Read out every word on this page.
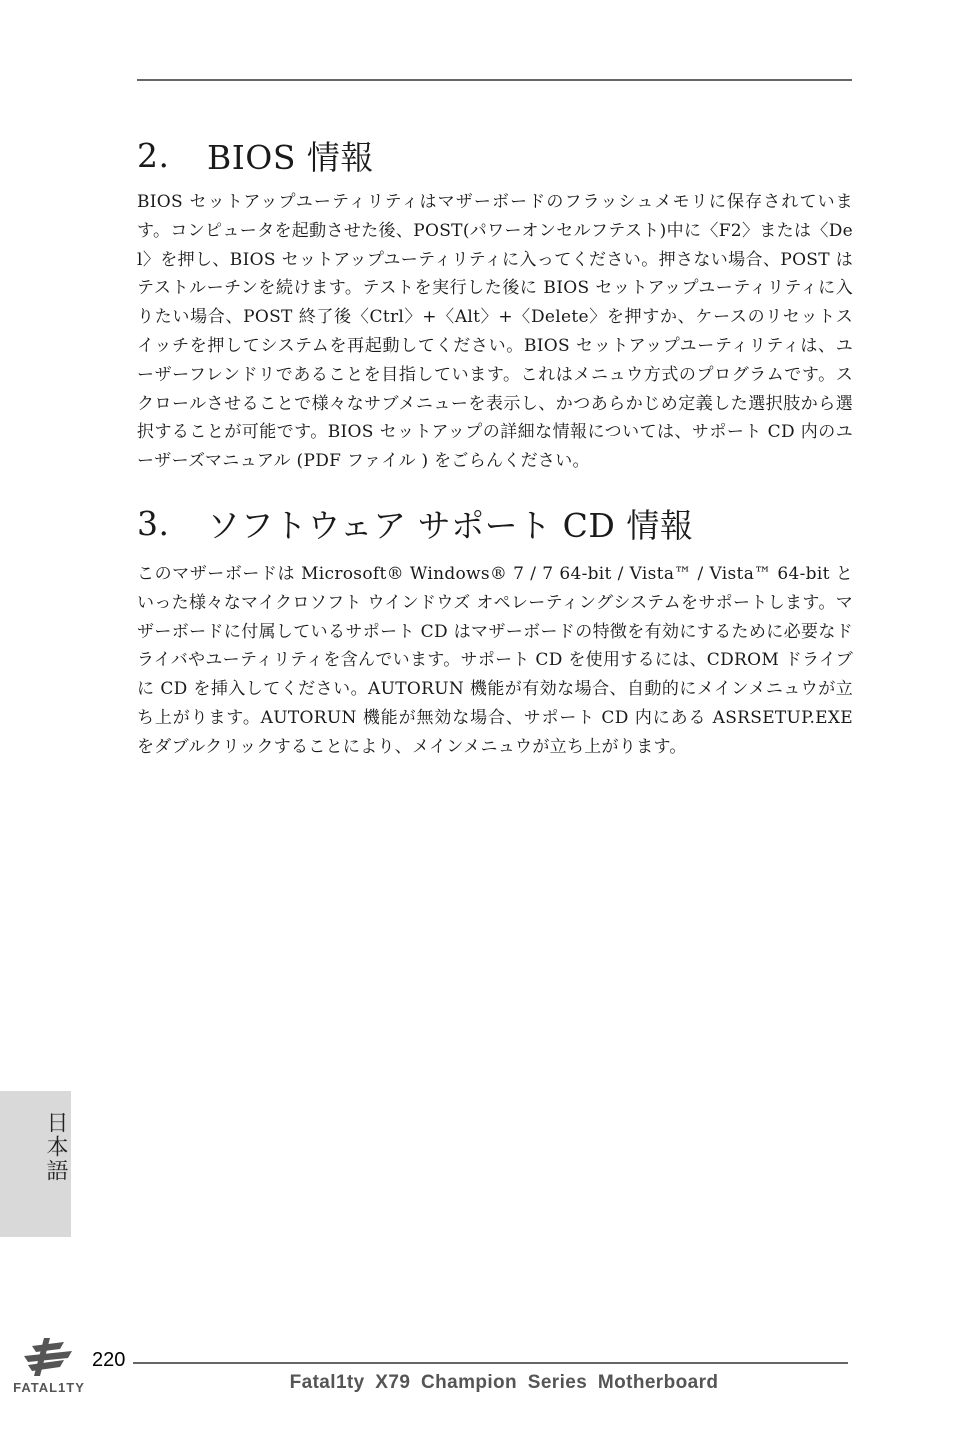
2.	BIOS 情報

BIOS セットアップユーティリティはマザーボードのフラッシュメモリに保存されています。コンピュータを起動させた後、POST(パワーオンセルフテスト)中に〈F2〉または〈Del〉を押し、BIOS セットアップユーティリティに入ってください。押さない場合、POST はテストルーチンを続けます。テストを実行した後に BIOS セットアップユーティリティに入りたい場合、POST 終了後〈Ctrl〉+〈Alt〉+〈Delete〉を押すか、ケースのリセットスイッチを押してシステムを再起動してください。BIOS セットアップユーティリティは、ユーザーフレンドリであることを目指しています。これはメニュウ方式のプログラムです。スクロールさせることで様々なサブメニューを表示し、かつあらかじめ定義した選択肢から選択することが可能です。BIOS セットアップの詳細な情報については、サポート CD 内のユーザーズマニュアル (PDF ファイル ) をごらんください。

3.	ソフトウェア サポート CD 情報

このマザーボードは Microsoft® Windows® 7 / 7 64-bit / Vista™ / Vista™ 64-bit といった様々なマイクロソフト ウインドウズ オペレーティングシステムをサポートします。マザーボードに付属しているサポート CD はマザーボードの特徴を有効にするために必要なドライバやユーティリティを含んでいます。サポート CD を使用するには、CDROM ドライブに CD を挿入してください。AUTORUN 機能が有効な場合、自動的にメインメニュウが立ち上がります。AUTORUN 機能が無効な場合、サポート CD 内にある ASRSETUP.EXE をダブルクリックすることにより、メインメニュウが立ち上がります。

日本語
FATAL1TY
220
Fatal1ty X79 Champion Series Motherboard
